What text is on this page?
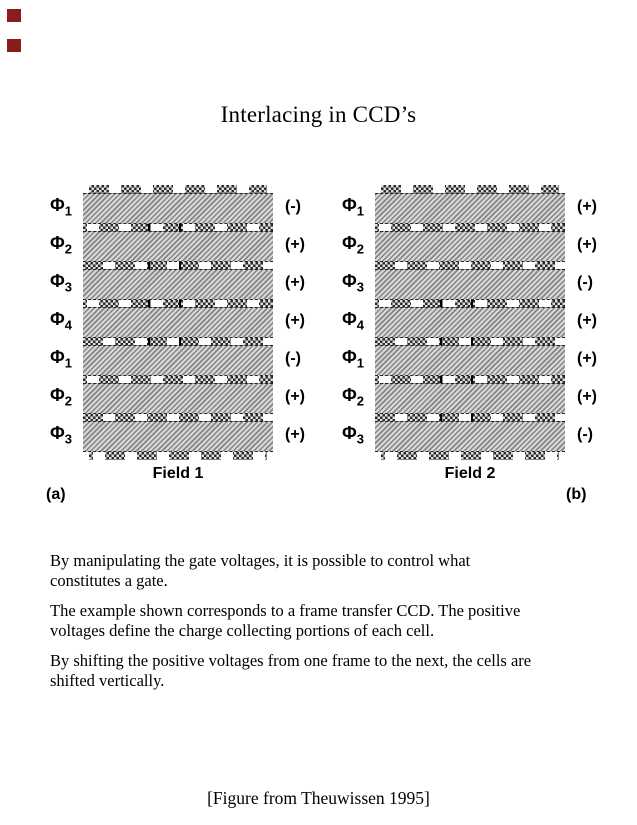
Interlacing in CCD’s
$\Phi_1$	(-)
$\Phi_2$	(+)
$\Phi_3$	(+)
$\Phi_4$	(+)
$\Phi_1$	(-)
$\Phi_2$	(+)
$\Phi_3$	(+)
Field 1
$\Phi_1$	(+)
$\Phi_2$	(+)
$\Phi_3$	(-)
$\Phi_4$	(+)
$\Phi_1$	(+)
$\Phi_2$	(+)
$\Phi_3$	(-)
Field 2
(a)	(b)

By manipulating the gate voltages, it is possible to control what
constitutes a gate.

The example shown corresponds to a frame transfer CCD. The positive
voltages define the charge collecting portions of each cell.

By shifting the positive voltages from one frame to the next, the cells are
shifted vertically.

[Figure from Theuwissen 1995]
